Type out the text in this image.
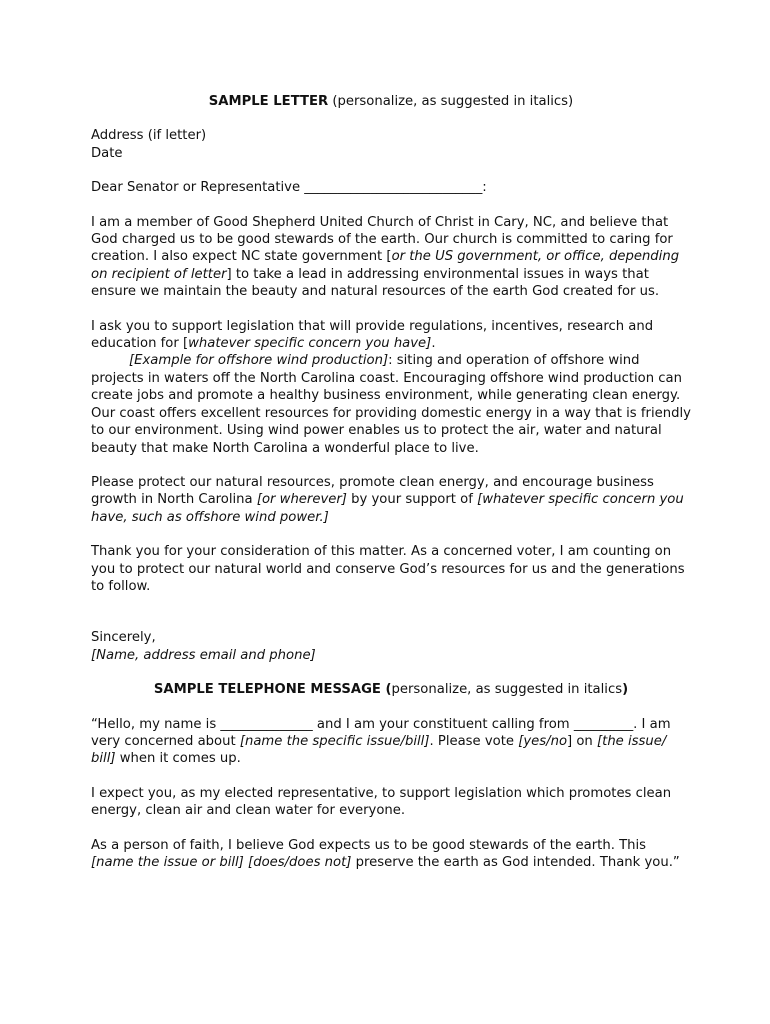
SAMPLE LETTER (personalize, as suggested in italics)

Address (if letter)

Date

Dear Senator or Representative ___________________________:

I am a member of Good Shepherd United Church of Christ in Cary, NC, and believe that God charged us to be good stewards of the earth. Our church is committed to caring for creation. I also expect NC state government [or the US government, or office, depending on recipient of letter] to take a lead in addressing environmental issues in ways that ensure we maintain the beauty and natural resources of the earth God created for us.

I ask you to support legislation that will provide regulations, incentives, research and education for [whatever specific concern you have].
[Example for offshore wind production]: siting and operation of offshore wind projects in waters off the North Carolina coast. Encouraging offshore wind production can create jobs and promote a healthy business environment, while generating clean energy. Our coast offers excellent resources for providing domestic energy in a way that is friendly to our environment. Using wind power enables us to protect the air, water and natural beauty that make North Carolina a wonderful place to live.

Please protect our natural resources, promote clean energy, and encourage business growth in North Carolina [or wherever] by your support of [whatever specific concern you have, such as offshore wind power.]

Thank you for your consideration of this matter. As a concerned voter, I am counting on you to protect our natural world and conserve God’s resources for us and the generations to follow.

Sincerely,

[Name, address email and phone]

SAMPLE TELEPHONE MESSAGE (personalize, as suggested in italics)

“Hello, my name is ______________ and I am your constituent calling from _________. I am very concerned about [name the specific issue/bill]. Please vote [yes/no] on [the issue/ bill] when it comes up.

I expect you, as my elected representative, to support legislation which promotes clean energy, clean air and clean water for everyone.

As a person of faith, I believe God expects us to be good stewards of the earth. This [name the issue or bill] [does/does not] preserve the earth as God intended. Thank you.”
